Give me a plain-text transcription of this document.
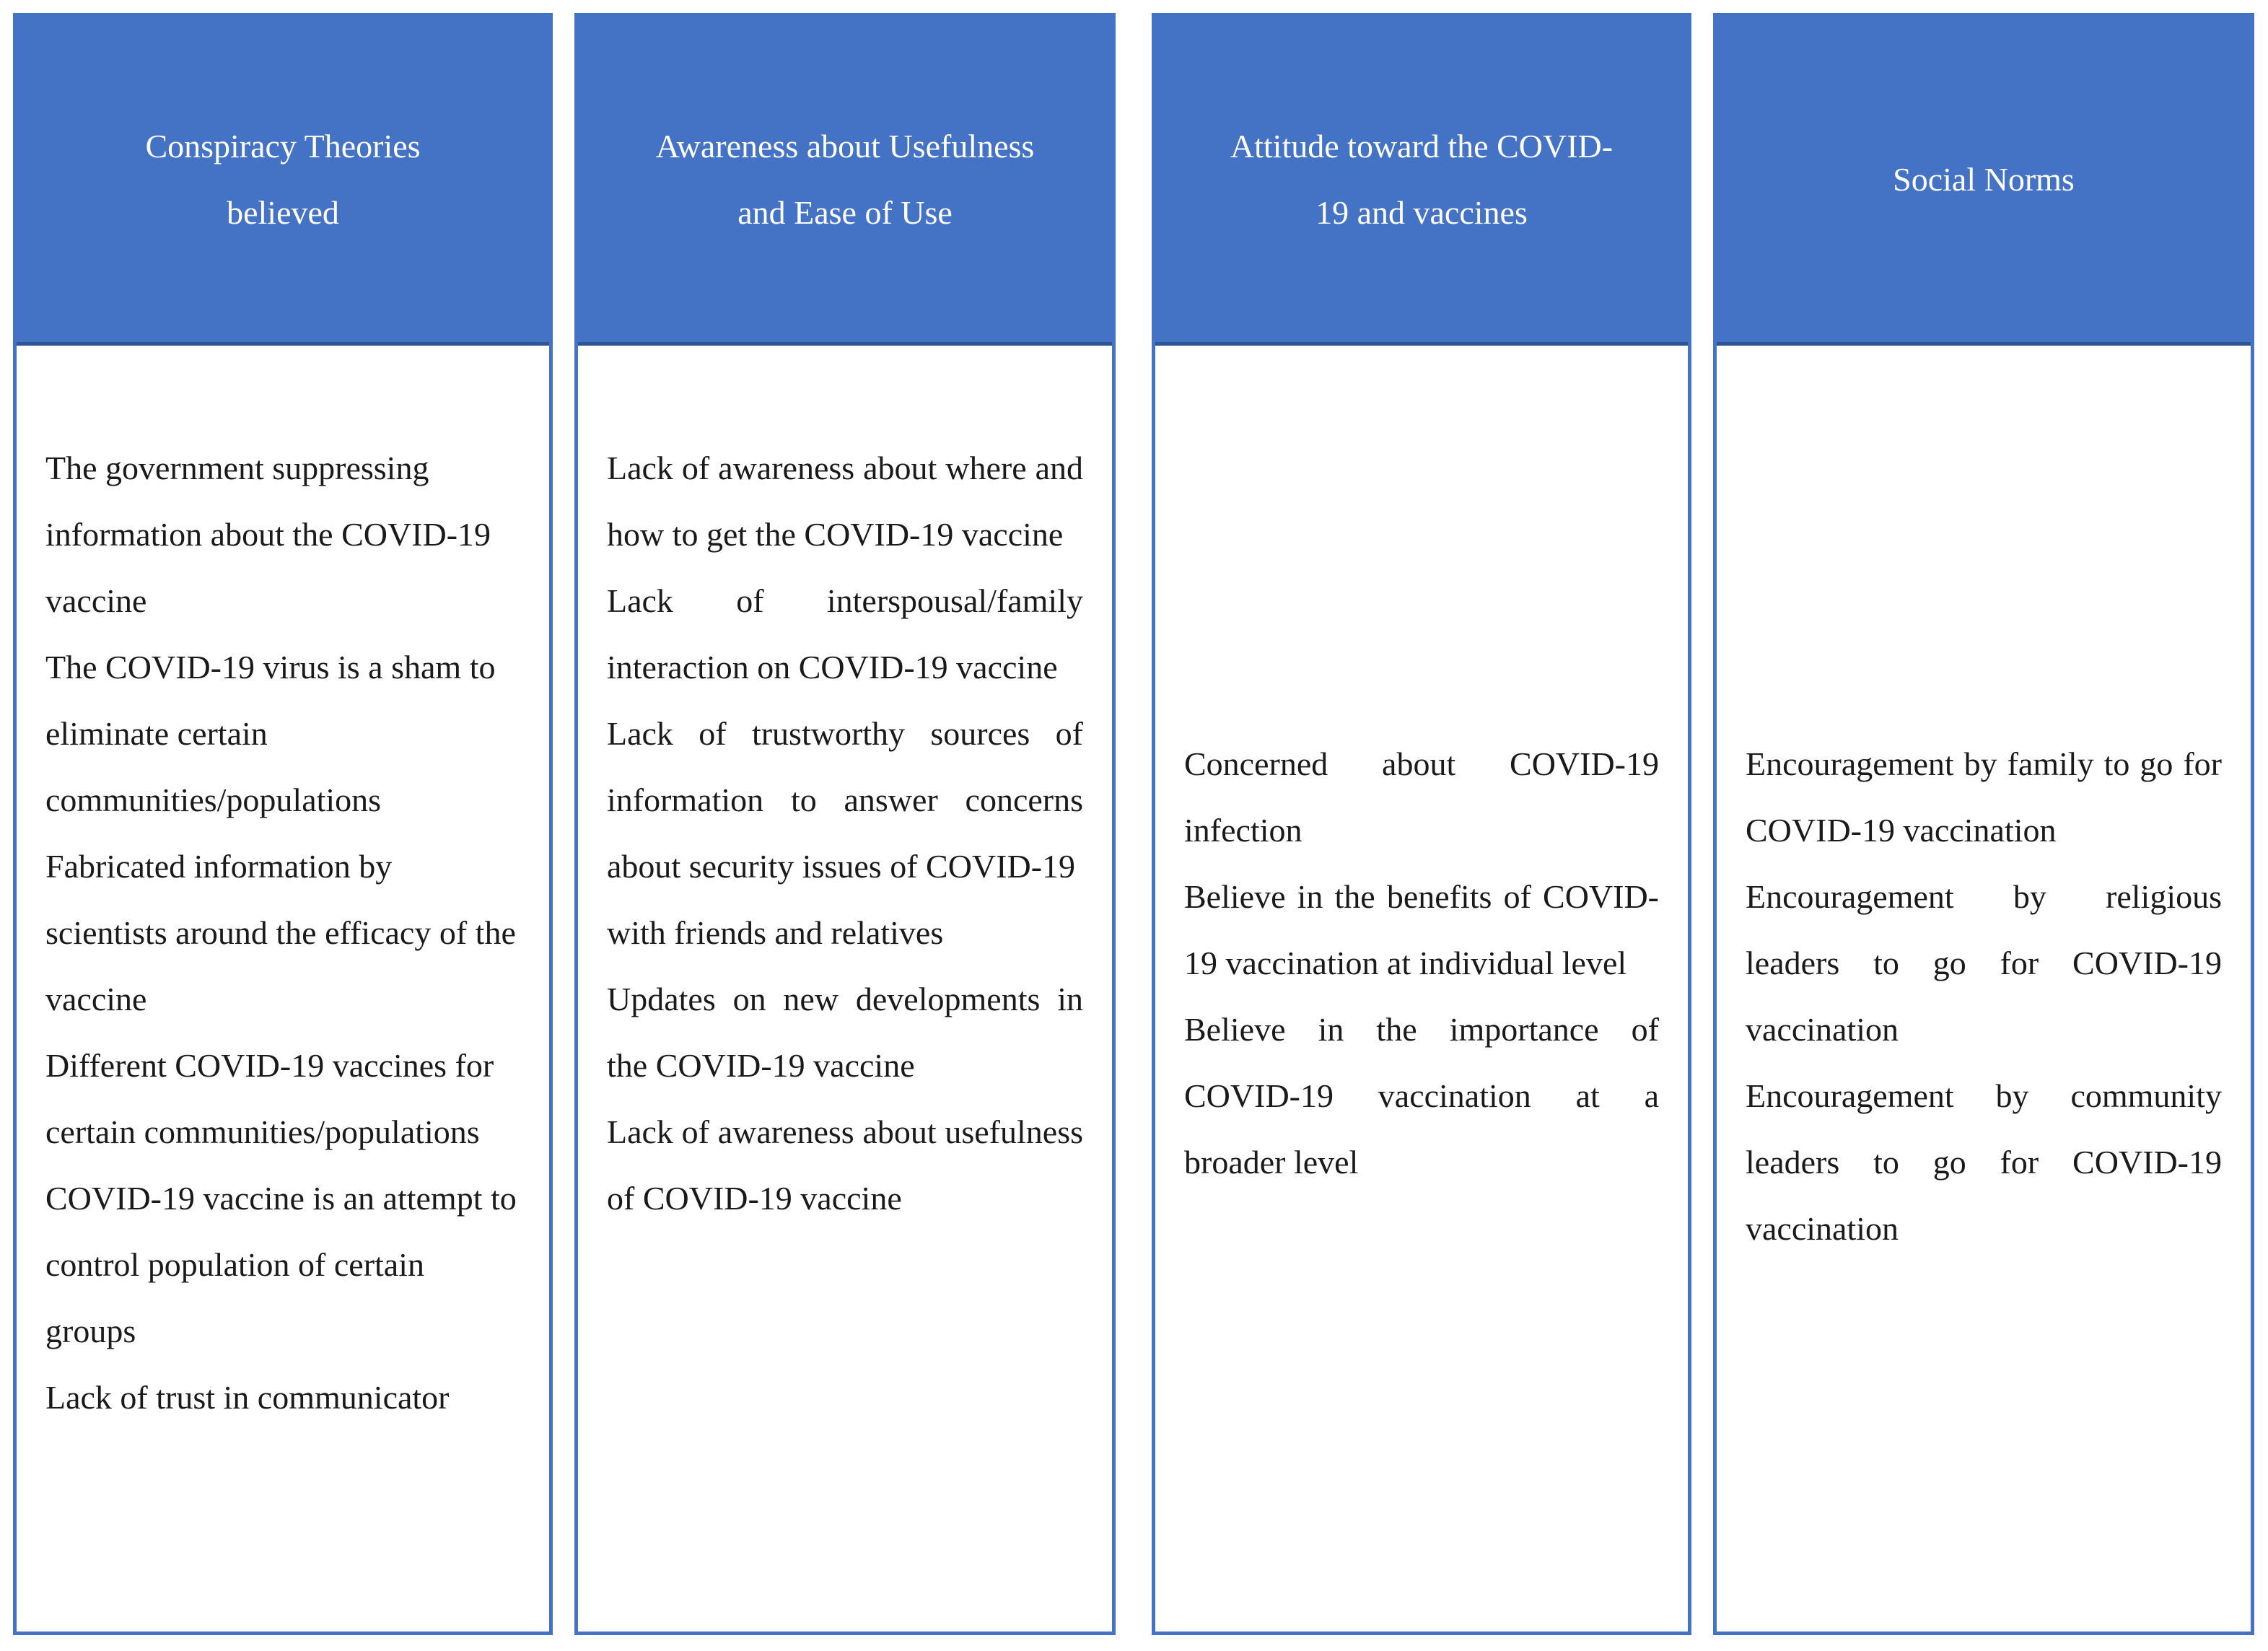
Conspiracy Theories
believed

The government suppressing information about the COVID-19 vaccine

The COVID-19 virus is a sham to eliminate certain communities/populations

Fabricated information by scientists around the efficacy of the vaccine

Different COVID-19 vaccines for certain communities/populations

COVID-19 vaccine is an attempt to control population of certain groups

Lack of trust in communicator

Awareness about Usefulness
and Ease of Use

Lack of awareness about where and how to get the COVID-19 vaccine

Lack of interspousal/family interaction on COVID-19 vaccine

Lack of trustworthy sources of information to answer concerns about security issues of COVID-19

with friends and relatives

Updates on new developments in the COVID-19 vaccine

Lack of awareness about usefulness of COVID-19 vaccine

Attitude toward the COVID-
19 and vaccines

Concerned about COVID-19 infection

Believe in the benefits of COVID-19 vaccination at individual level

Believe in the importance of COVID-19 vaccination at a broader level

Social Norms

Encouragement by family to go for COVID-19 vaccination

Encouragement by religious leaders to go for COVID-19 vaccination

Encouragement by community leaders to go for COVID-19 vaccination
